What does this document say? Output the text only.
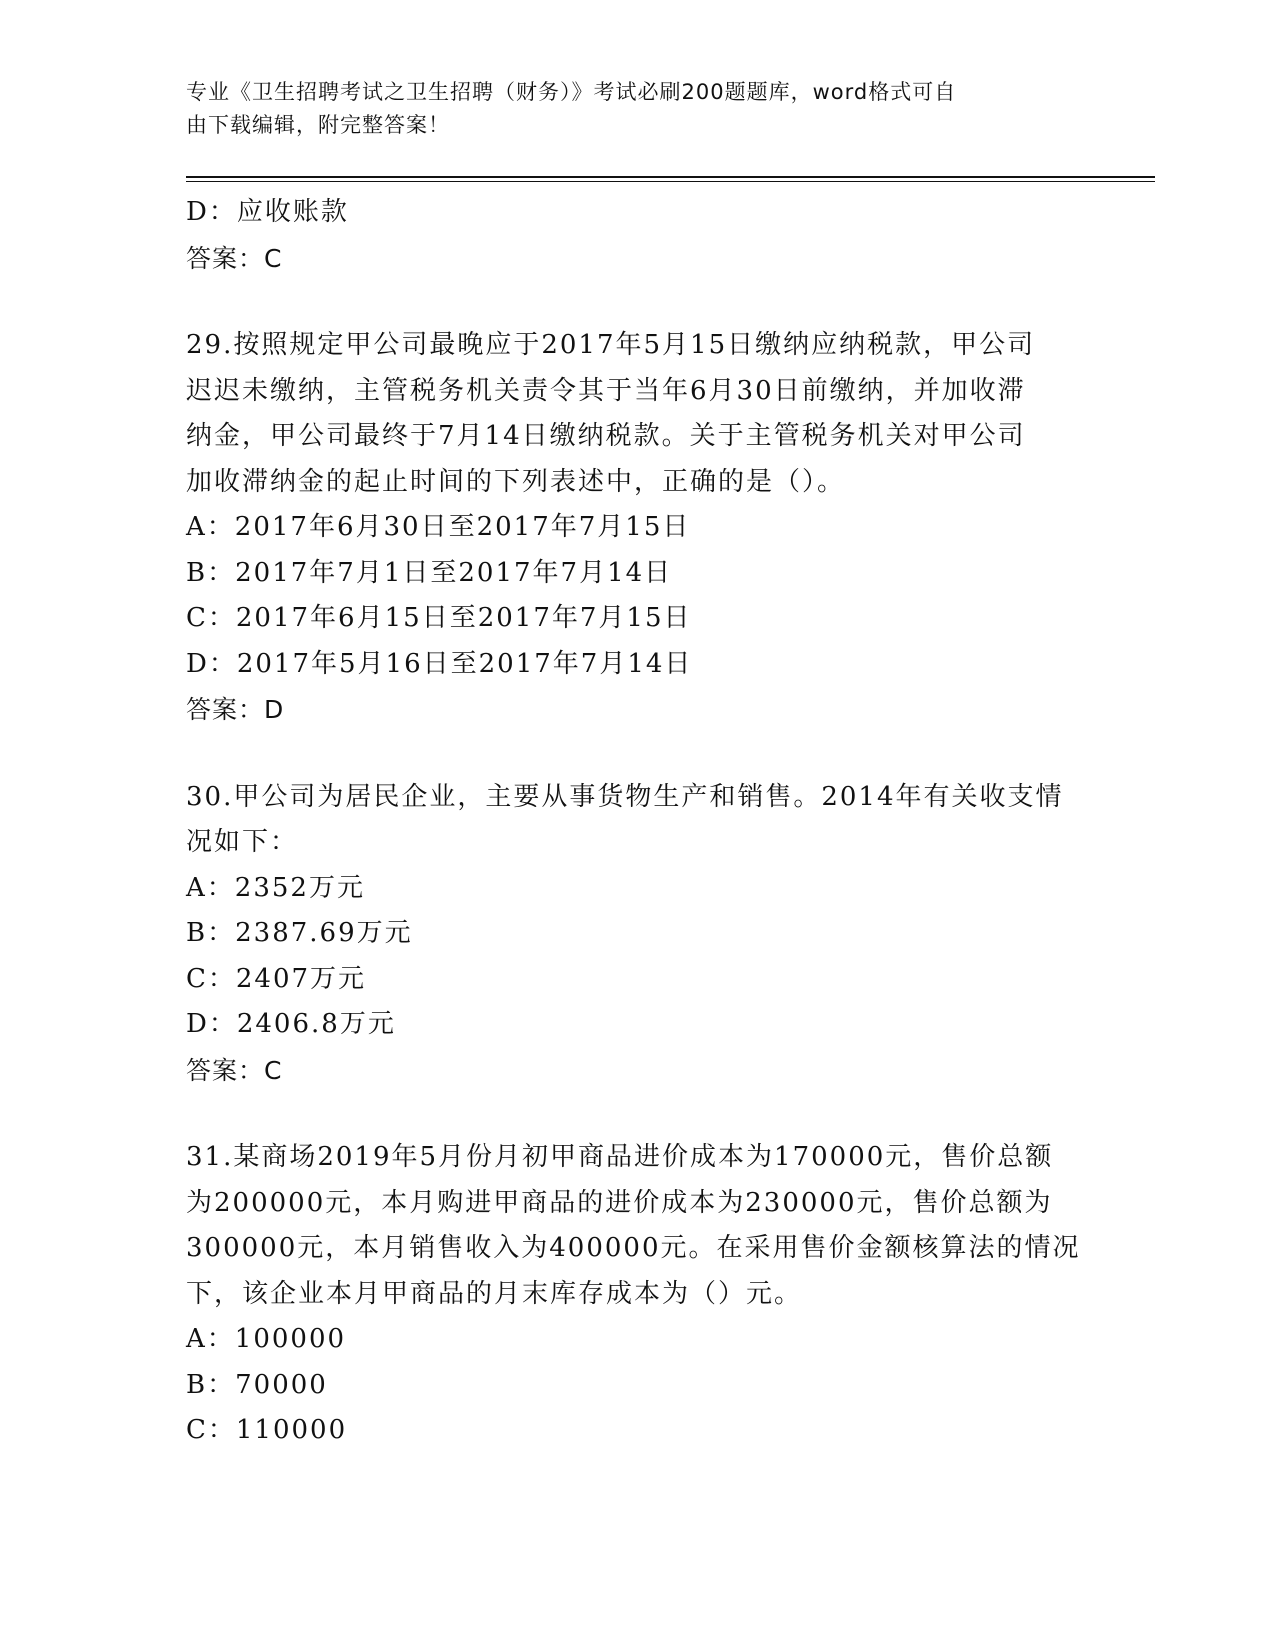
专业《卫生招聘考试之卫生招聘（财务）》考试必刷200题题库，word格式可自
由下载编辑，附完整答案！
D：应收账款
答案：C
29.按照规定甲公司最晚应于2017年5月15日缴纳应纳税款，甲公司
迟迟未缴纳，主管税务机关责令其于当年6月30日前缴纳，并加收滞
纳金，甲公司最终于7月14日缴纳税款。关于主管税务机关对甲公司
加收滞纳金的起止时间的下列表述中，正确的是（）。
A：2017年6月30日至2017年7月15日
B：2017年7月1日至2017年7月14日
C：2017年6月15日至2017年7月15日
D：2017年5月16日至2017年7月14日
答案：D
30.甲公司为居民企业，主要从事货物生产和销售。2014年有关收支情
况如下：
A：2352万元
B：2387.69万元
C：2407万元
D：2406.8万元
答案：C
31.某商场2019年5月份月初甲商品进价成本为170000元，售价总额
为200000元，本月购进甲商品的进价成本为230000元，售价总额为
300000元，本月销售收入为400000元。在采用售价金额核算法的情况
下，该企业本月甲商品的月末库存成本为（）元。
A：100000
B：70000
C：110000
